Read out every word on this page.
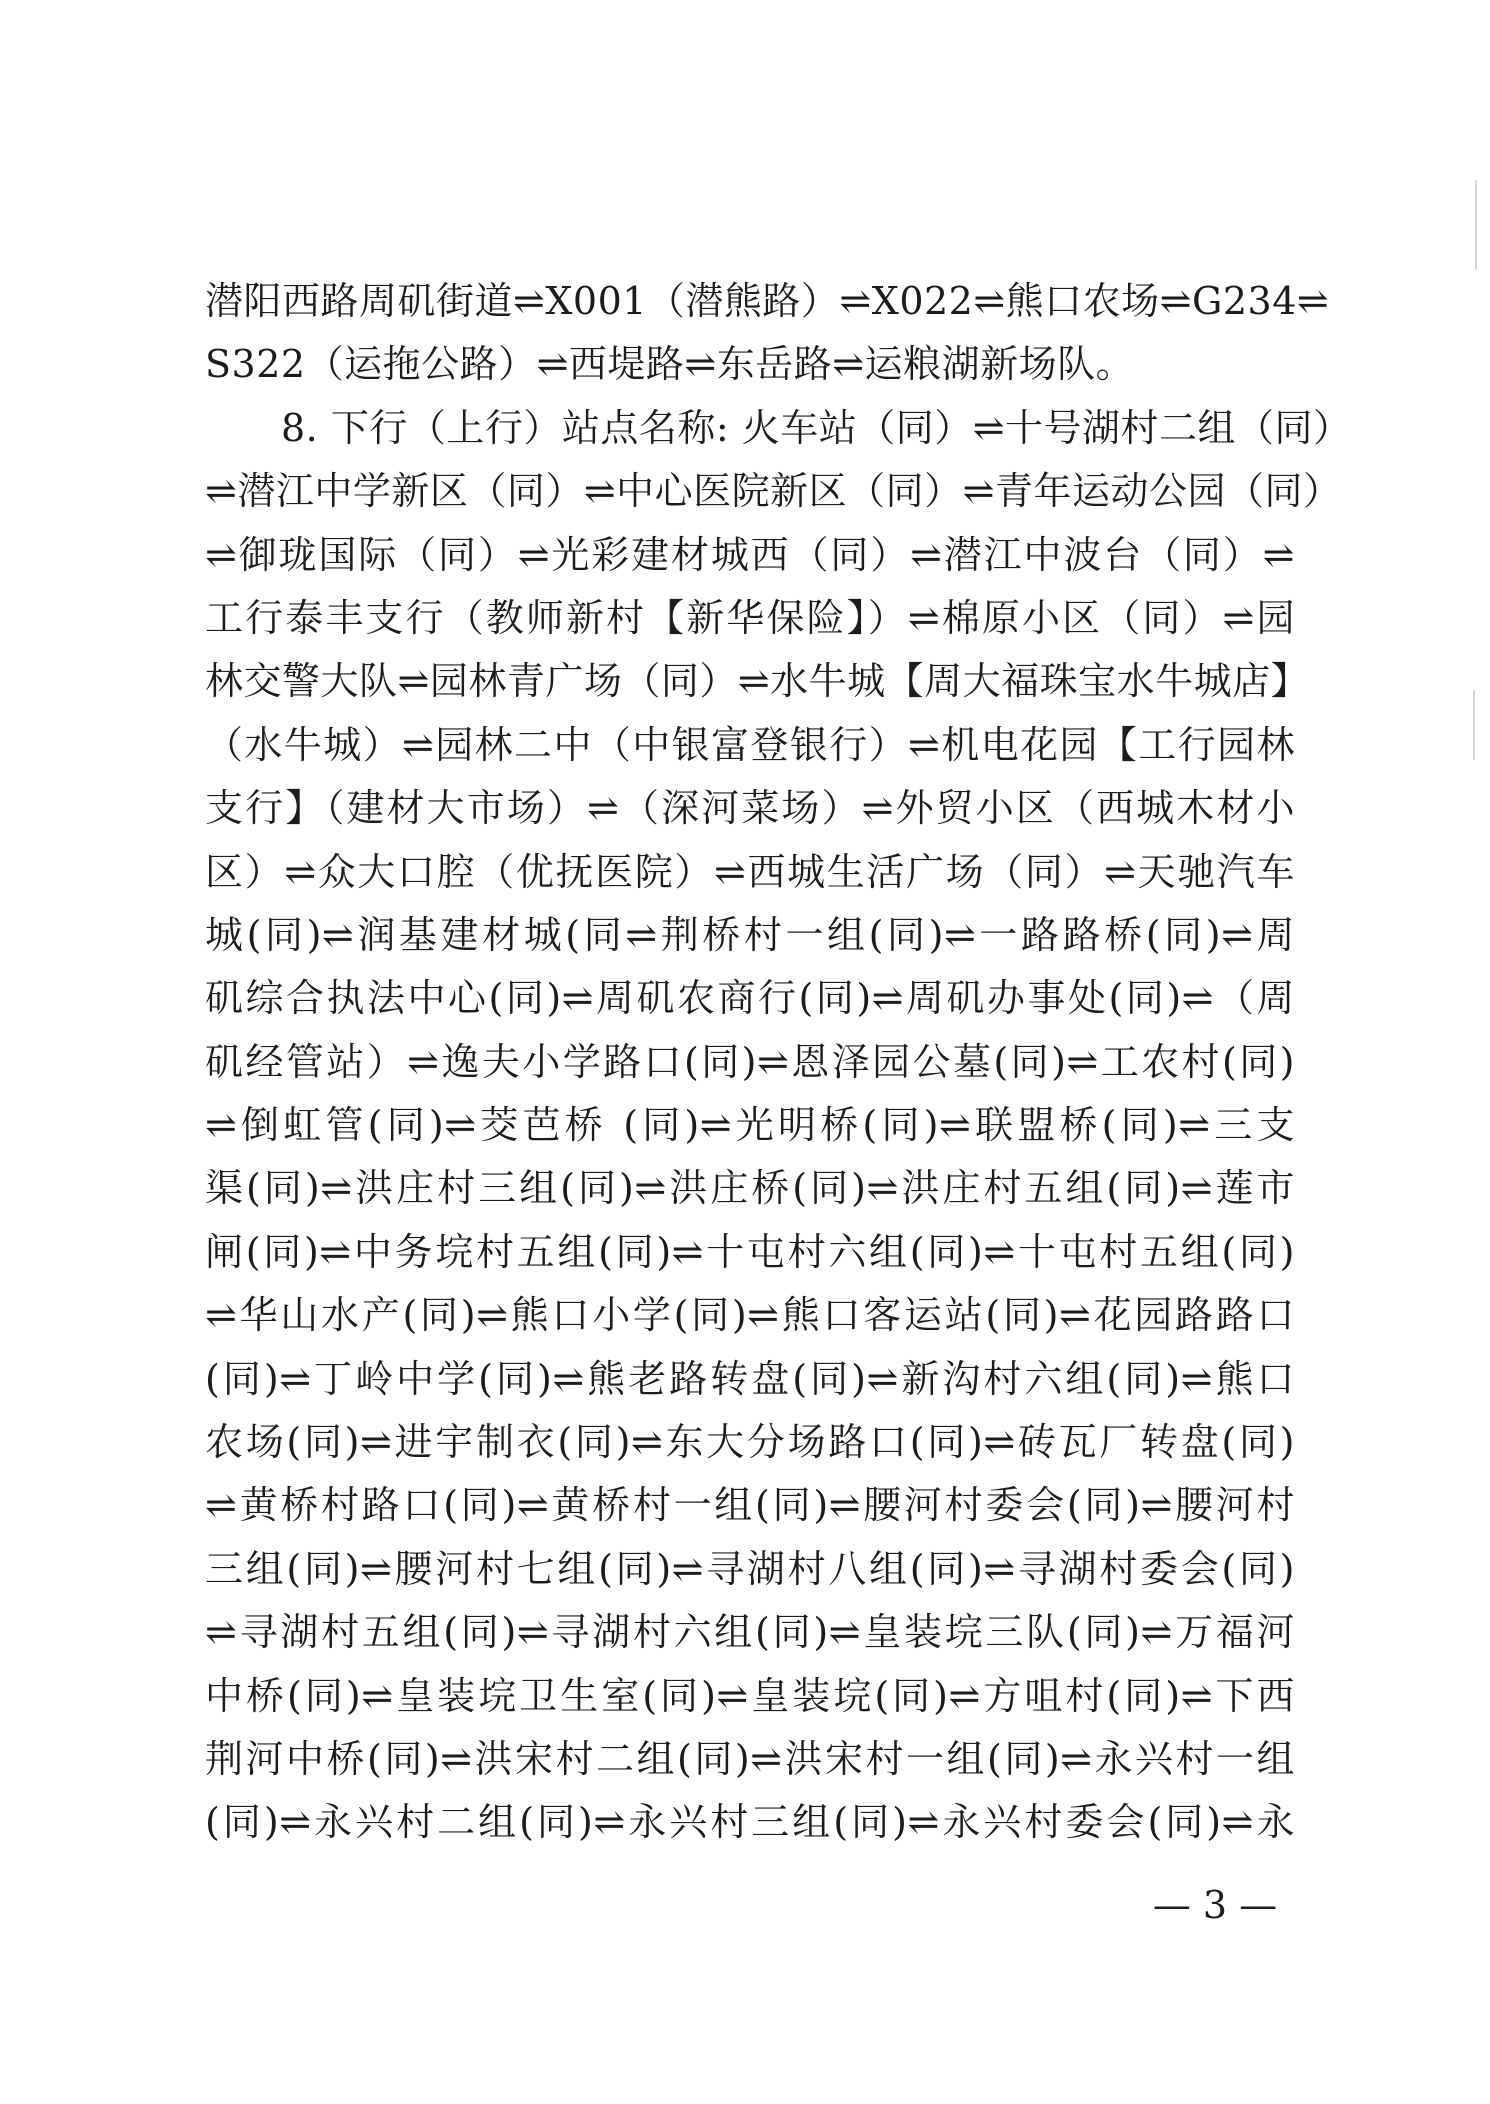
潜阳西路周矶街道⇌X001（潜熊路）⇌X022⇌熊口农场⇌G234⇌
S322（运拖公路）⇌西堤路⇌东岳路⇌运粮湖新场队。
8. 下行（上行）站点名称: 火车站（同）⇌十号湖村二组（同）
⇌潜江中学新区（同）⇌中心医院新区（同）⇌青年运动公园（同）
⇌御珑国际（同）⇌光彩建材城西（同）⇌潜江中波台（同）⇌
工行泰丰支行（教师新村【新华保险】）⇌棉原小区（同）⇌园
林交警大队⇌园林青广场（同）⇌水牛城【周大福珠宝水牛城店】
（水牛城）⇌园林二中（中银富登银行）⇌机电花园【工行园林
支行】（建材大市场）⇌（深河菜场）⇌外贸小区（西城木材小
区）⇌众大口腔（优抚医院）⇌西城生活广场（同）⇌天驰汽车
城(同)⇌润基建材城(同⇌荆桥村一组(同)⇌一路路桥(同)⇌周
矶综合执法中心(同)⇌周矶农商行(同)⇌周矶办事处(同)⇌（周
矶经管站）⇌逸夫小学路口(同)⇌恩泽园公墓(同)⇌工农村(同)
⇌倒虹管(同)⇌茭芭桥 (同)⇌光明桥(同)⇌联盟桥(同)⇌三支
渠(同)⇌洪庄村三组(同)⇌洪庄桥(同)⇌洪庄村五组(同)⇌莲市
闸(同)⇌中务垸村五组(同)⇌十屯村六组(同)⇌十屯村五组(同)
⇌华山水产(同)⇌熊口小学(同)⇌熊口客运站(同)⇌花园路路口
(同)⇌丁岭中学(同)⇌熊老路转盘(同)⇌新沟村六组(同)⇌熊口
农场(同)⇌进宇制衣(同)⇌东大分场路口(同)⇌砖瓦厂转盘(同)
⇌黄桥村路口(同)⇌黄桥村一组(同)⇌腰河村委会(同)⇌腰河村
三组(同)⇌腰河村七组(同)⇌寻湖村八组(同)⇌寻湖村委会(同)
⇌寻湖村五组(同)⇌寻湖村六组(同)⇌皇装垸三队(同)⇌万福河
中桥(同)⇌皇装垸卫生室(同)⇌皇装垸(同)⇌方咀村(同)⇌下西
荆河中桥(同)⇌洪宋村二组(同)⇌洪宋村一组(同)⇌永兴村一组
(同)⇌永兴村二组(同)⇌永兴村三组(同)⇌永兴村委会(同)⇌永
— 3 —
